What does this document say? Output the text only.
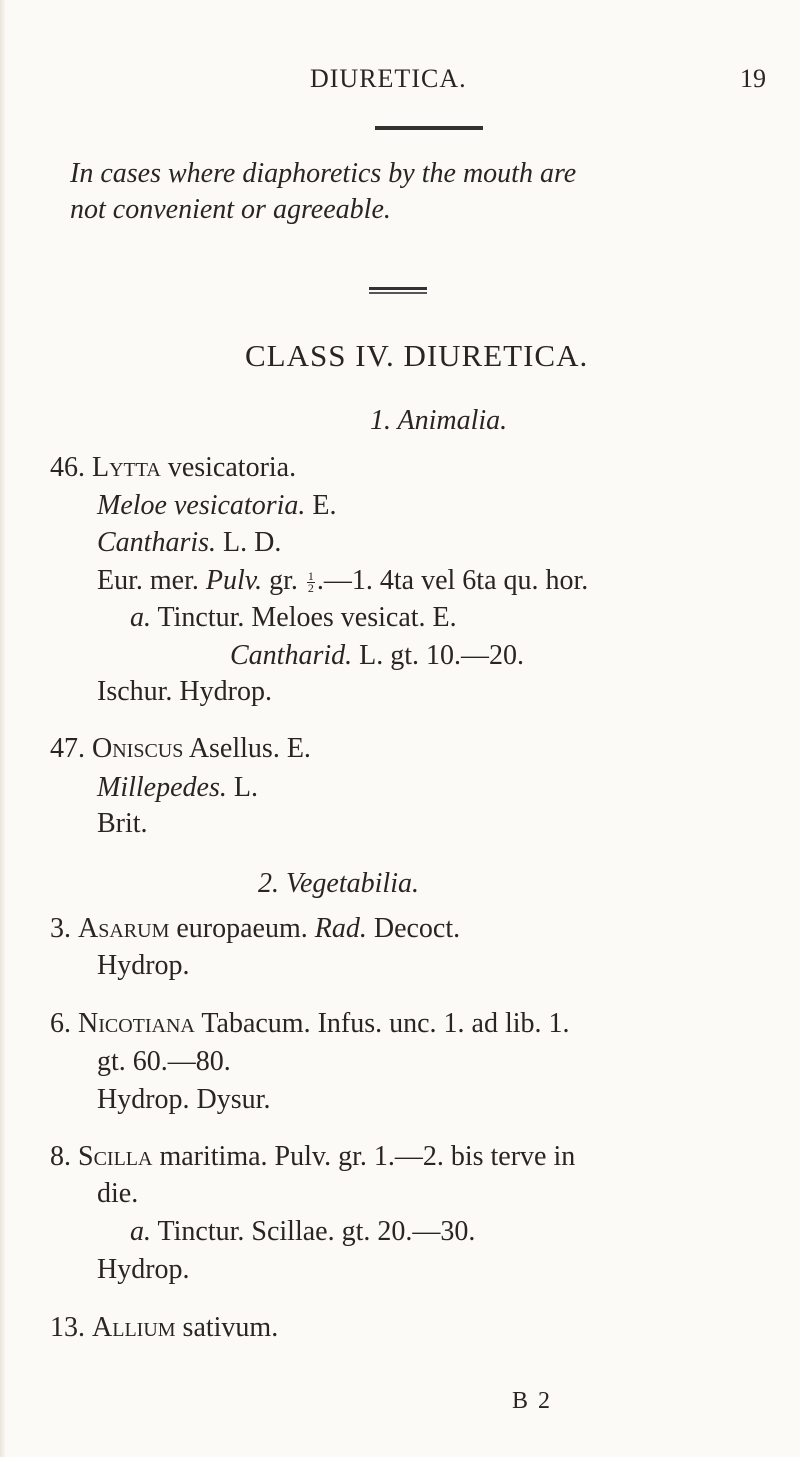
DIURETICA.	19
In cases where diaphoretics by the mouth are
not convenient or agreeable.
CLASS IV. DIURETICA.
1. Animalia.
46. Lytta vesicatoria.
Meloe vesicatoria. E.
Cantharis. L. D.
Eur. mer. Pulv. gr. $\frac{1}{2}$ .—1. 4ta vel 6ta qu. hor.
a. Tinctur. Meloes vesicat. E.
Cantharid. L. gt. 10.—20.
Ischur. Hydrop.
47. Oniscus Asellus. E.
Millepedes. L.
Brit.
2. Vegetabilia.
3. Asarum europaeum. Rad. Decoct.
Hydrop.
6. Nicotiana Tabacum. Infus. unc. 1. ad lib. 1.
gt. 60.—80.
Hydrop. Dysur.
8. Scilla maritima. Pulv. gr. 1.—2. bis terve in
die.
a. Tinctur. Scillae. gt. 20.—30.
Hydrop.
13. Allium sativum.
B 2
